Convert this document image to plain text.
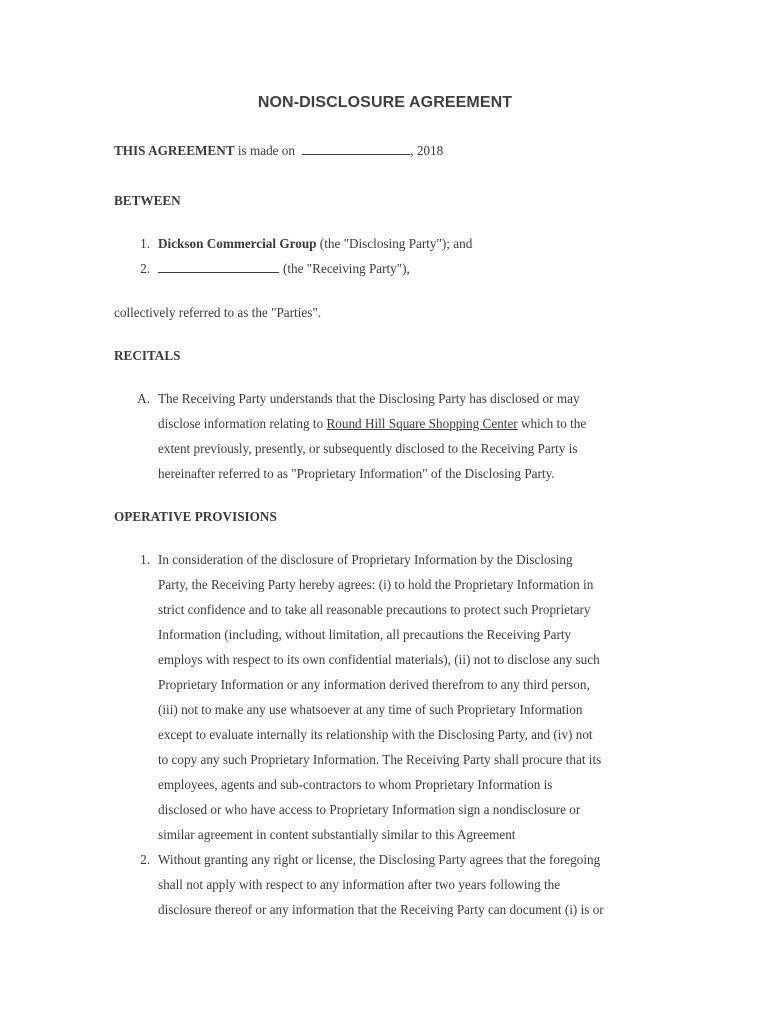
NON-DISCLOSURE AGREEMENT
THIS AGREEMENT is made on	, 2018
BETWEEN
1. Dickson Commercial Group (the "Disclosing Party"); and
2.	(the "Receiving Party"),
collectively referred to as the "Parties".
RECITALS
A. The Receiving Party understands that the Disclosing Party has disclosed or may
disclose information relating to Round Hill Square Shopping Center which to the
extent previously, presently, or subsequently disclosed to the Receiving Party is
hereinafter referred to as "Proprietary Information" of the Disclosing Party.
OPERATIVE PROVISIONS
1. In consideration of the disclosure of Proprietary Information by the Disclosing
Party, the Receiving Party hereby agrees: (i) to hold the Proprietary Information in
strict confidence and to take all reasonable precautions to protect such Proprietary
Information (including, without limitation, all precautions the Receiving Party
employs with respect to its own confidential materials), (ii) not to disclose any such
Proprietary Information or any information derived therefrom to any third person,
(iii) not to make any use whatsoever at any time of such Proprietary Information
except to evaluate internally its relationship with the Disclosing Party, and (iv) not
to copy any such Proprietary Information. The Receiving Party shall procure that its
employees, agents and sub-contractors to whom Proprietary Information is
disclosed or who have access to Proprietary Information sign a nondisclosure or
similar agreement in content substantially similar to this Agreement
2. Without granting any right or license, the Disclosing Party agrees that the foregoing
shall not apply with respect to any information after two years following the
disclosure thereof or any information that the Receiving Party can document (i) is or
